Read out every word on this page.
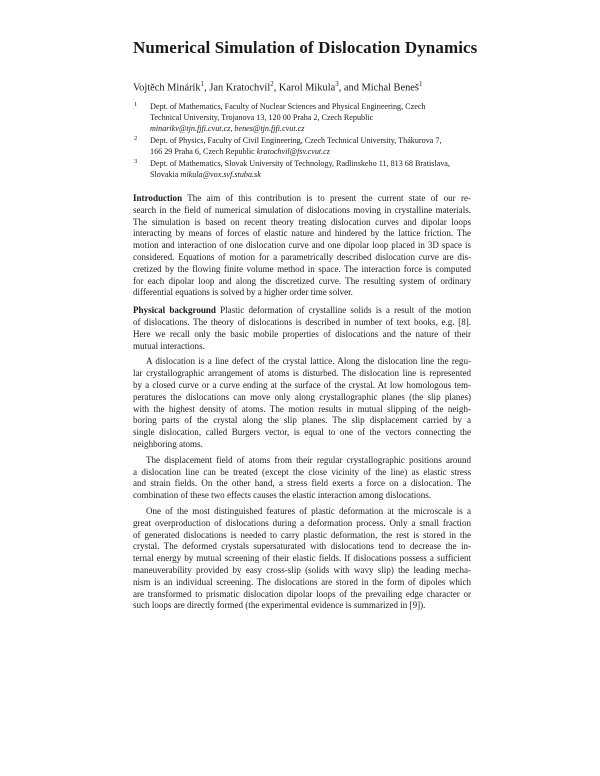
Numerical Simulation of Dislocation Dynamics
Vojtěch Minárik$^1$, Jan Kratochvíl$^2$, Karol Mikula$^3$, and Michal Beneš$^1$
1 Dept. of Mathematics, Faculty of Nuclear Sciences and Physical Engineering, Czech
Technical University, Trojanova 13, 120 00 Praha 2, Czech Republic
minarikv@tjn.fjfi.cvut.cz, benes@tjn.fjfi.cvut.cz
2 Dept. of Physics, Faculty of Civil Engineering, Czech Technical University, Thákurova 7,
166 29 Praha 6, Czech Republic kratochvil@fsv.cvut.cz
3 Dept. of Mathematics, Slovak University of Technology, Radlinskeho 11, 813 68 Bratislava,
Slovakia mikula@vox.svf.stuba.sk
Introduction The aim of this contribution is to present the current state of our re-
search in the field of numerical simulation of dislocations moving in crystalline materials.
The simulation is based on recent theory treating dislocation curves and dipolar loops
interacting by means of forces of elastic nature and hindered by the lattice friction. The
motion and interaction of one dislocation curve and one dipolar loop placed in 3D space is
considered. Equations of motion for a parametrically described dislocation curve are dis-
cretized by the flowing finite volume method in space. The interaction force is computed
for each dipolar loop and along the discretized curve. The resulting system of ordinary
differential equations is solved by a higher order time solver.
Physical background Plastic deformation of crystalline solids is a result of the motion
of dislocations. The theory of dislocations is described in number of text books, e.g. [8].
Here we recall only the basic mobile properties of dislocations and the nature of their
mutual interactions.
A dislocation is a line defect of the crystal lattice. Along the dislocation line the regu-
lar crystallographic arrangement of atoms is disturbed. The dislocation line is represented
by a closed curve or a curve ending at the surface of the crystal. At low homologous tem-
peratures the dislocations can move only along crystallographic planes (the slip planes)
with the highest density of atoms. The motion results in mutual slipping of the neigh-
boring parts of the crystal along the slip planes. The slip displacement carried by a
single dislocation, called Burgers vector, is equal to one of the vectors connecting the
neighboring atoms.
The displacement field of atoms from their regular crystallographic positions around
a dislocation line can be treated (except the close vicinity of the line) as elastic stress
and strain fields. On the other hand, a stress field exerts a force on a dislocation. The
combination of these two effects causes the elastic interaction among dislocations.
One of the most distinguished features of plastic deformation at the microscale is a
great overproduction of dislocations during a deformation process. Only a small fraction
of generated dislocations is needed to carry plastic deformation, the rest is stored in the
crystal. The deformed crystals supersaturated with dislocations tend to decrease the in-
ternal energy by mutual screening of their elastic fields. If dislocations possess a sufficient
maneuverability provided by easy cross-slip (solids with wavy slip) the leading mecha-
nism is an individual screening. The dislocations are stored in the form of dipoles which
are transformed to prismatic dislocation dipolar loops of the prevailing edge character or
such loops are directly formed (the experimental evidence is summarized in [9]).
